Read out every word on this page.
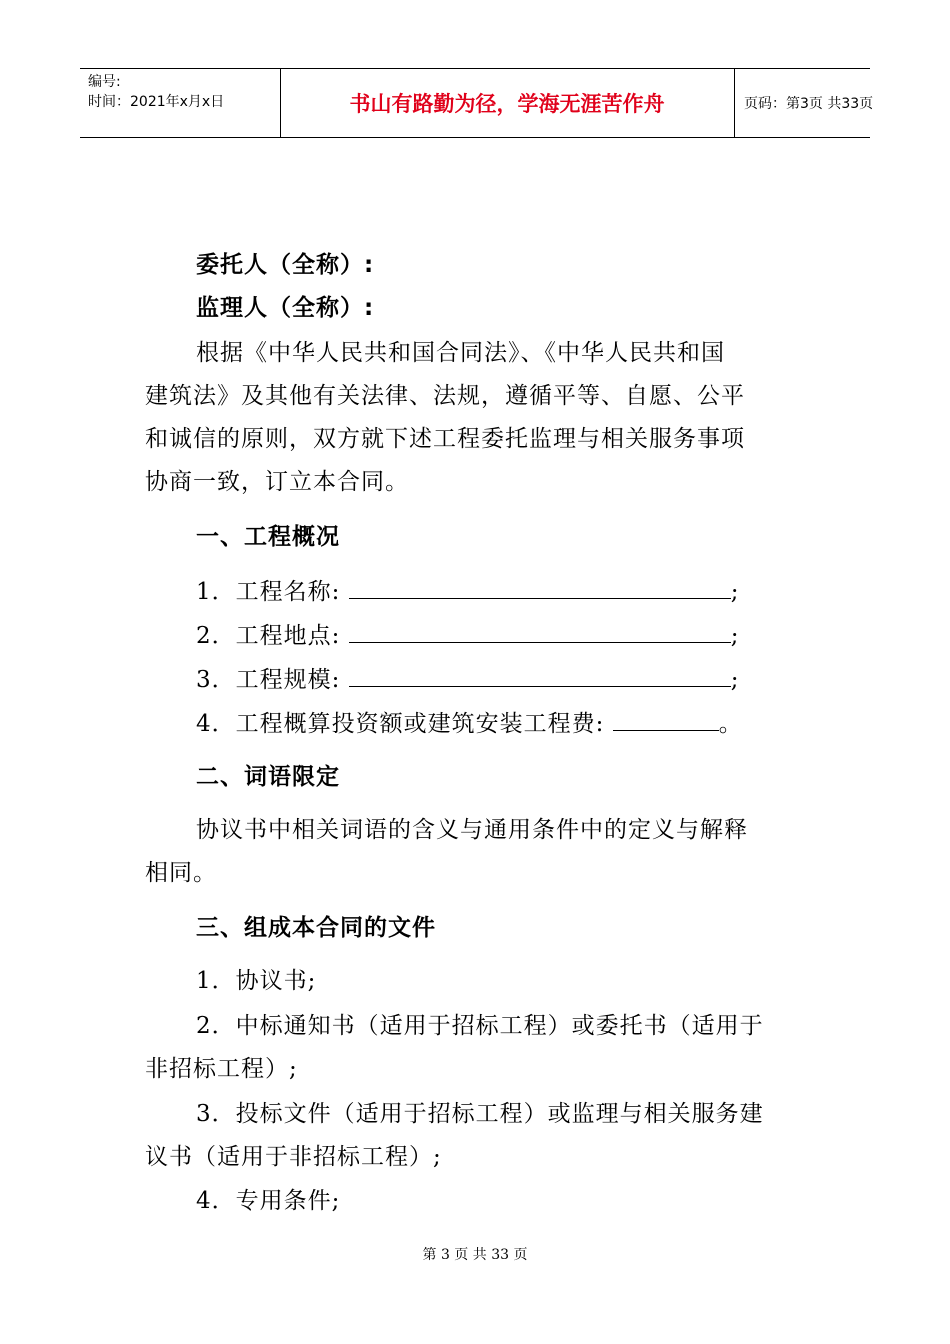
编号:
时间：2021年x月x日	书山有路勤为径，学海无涯苦作舟	页码：第3页 共33页
委托人（全称）:
监理人（全称）:
根据《中华人民共和国合同法》、《中华人民共和国
建筑法》及其他有关法律、法规，遵循平等、自愿、公平
和诚信的原则，双方就下述工程委托监理与相关服务事项
协商一致，订立本合同。
一、工程概况
1．工程名称:	;
2．工程地点:	;
3．工程规模:	;
4．工程概算投资额或建筑安装工程费:	。
二、词语限定
协议书中相关词语的含义与通用条件中的定义与解释
相同。
三、组成本合同的文件
1．协议书;
2．中标通知书（适用于招标工程）或委托书（适用于
非招标工程）;
3．投标文件（适用于招标工程）或监理与相关服务建
议书（适用于非招标工程）;
4．专用条件;
第 3 页 共 33 页
